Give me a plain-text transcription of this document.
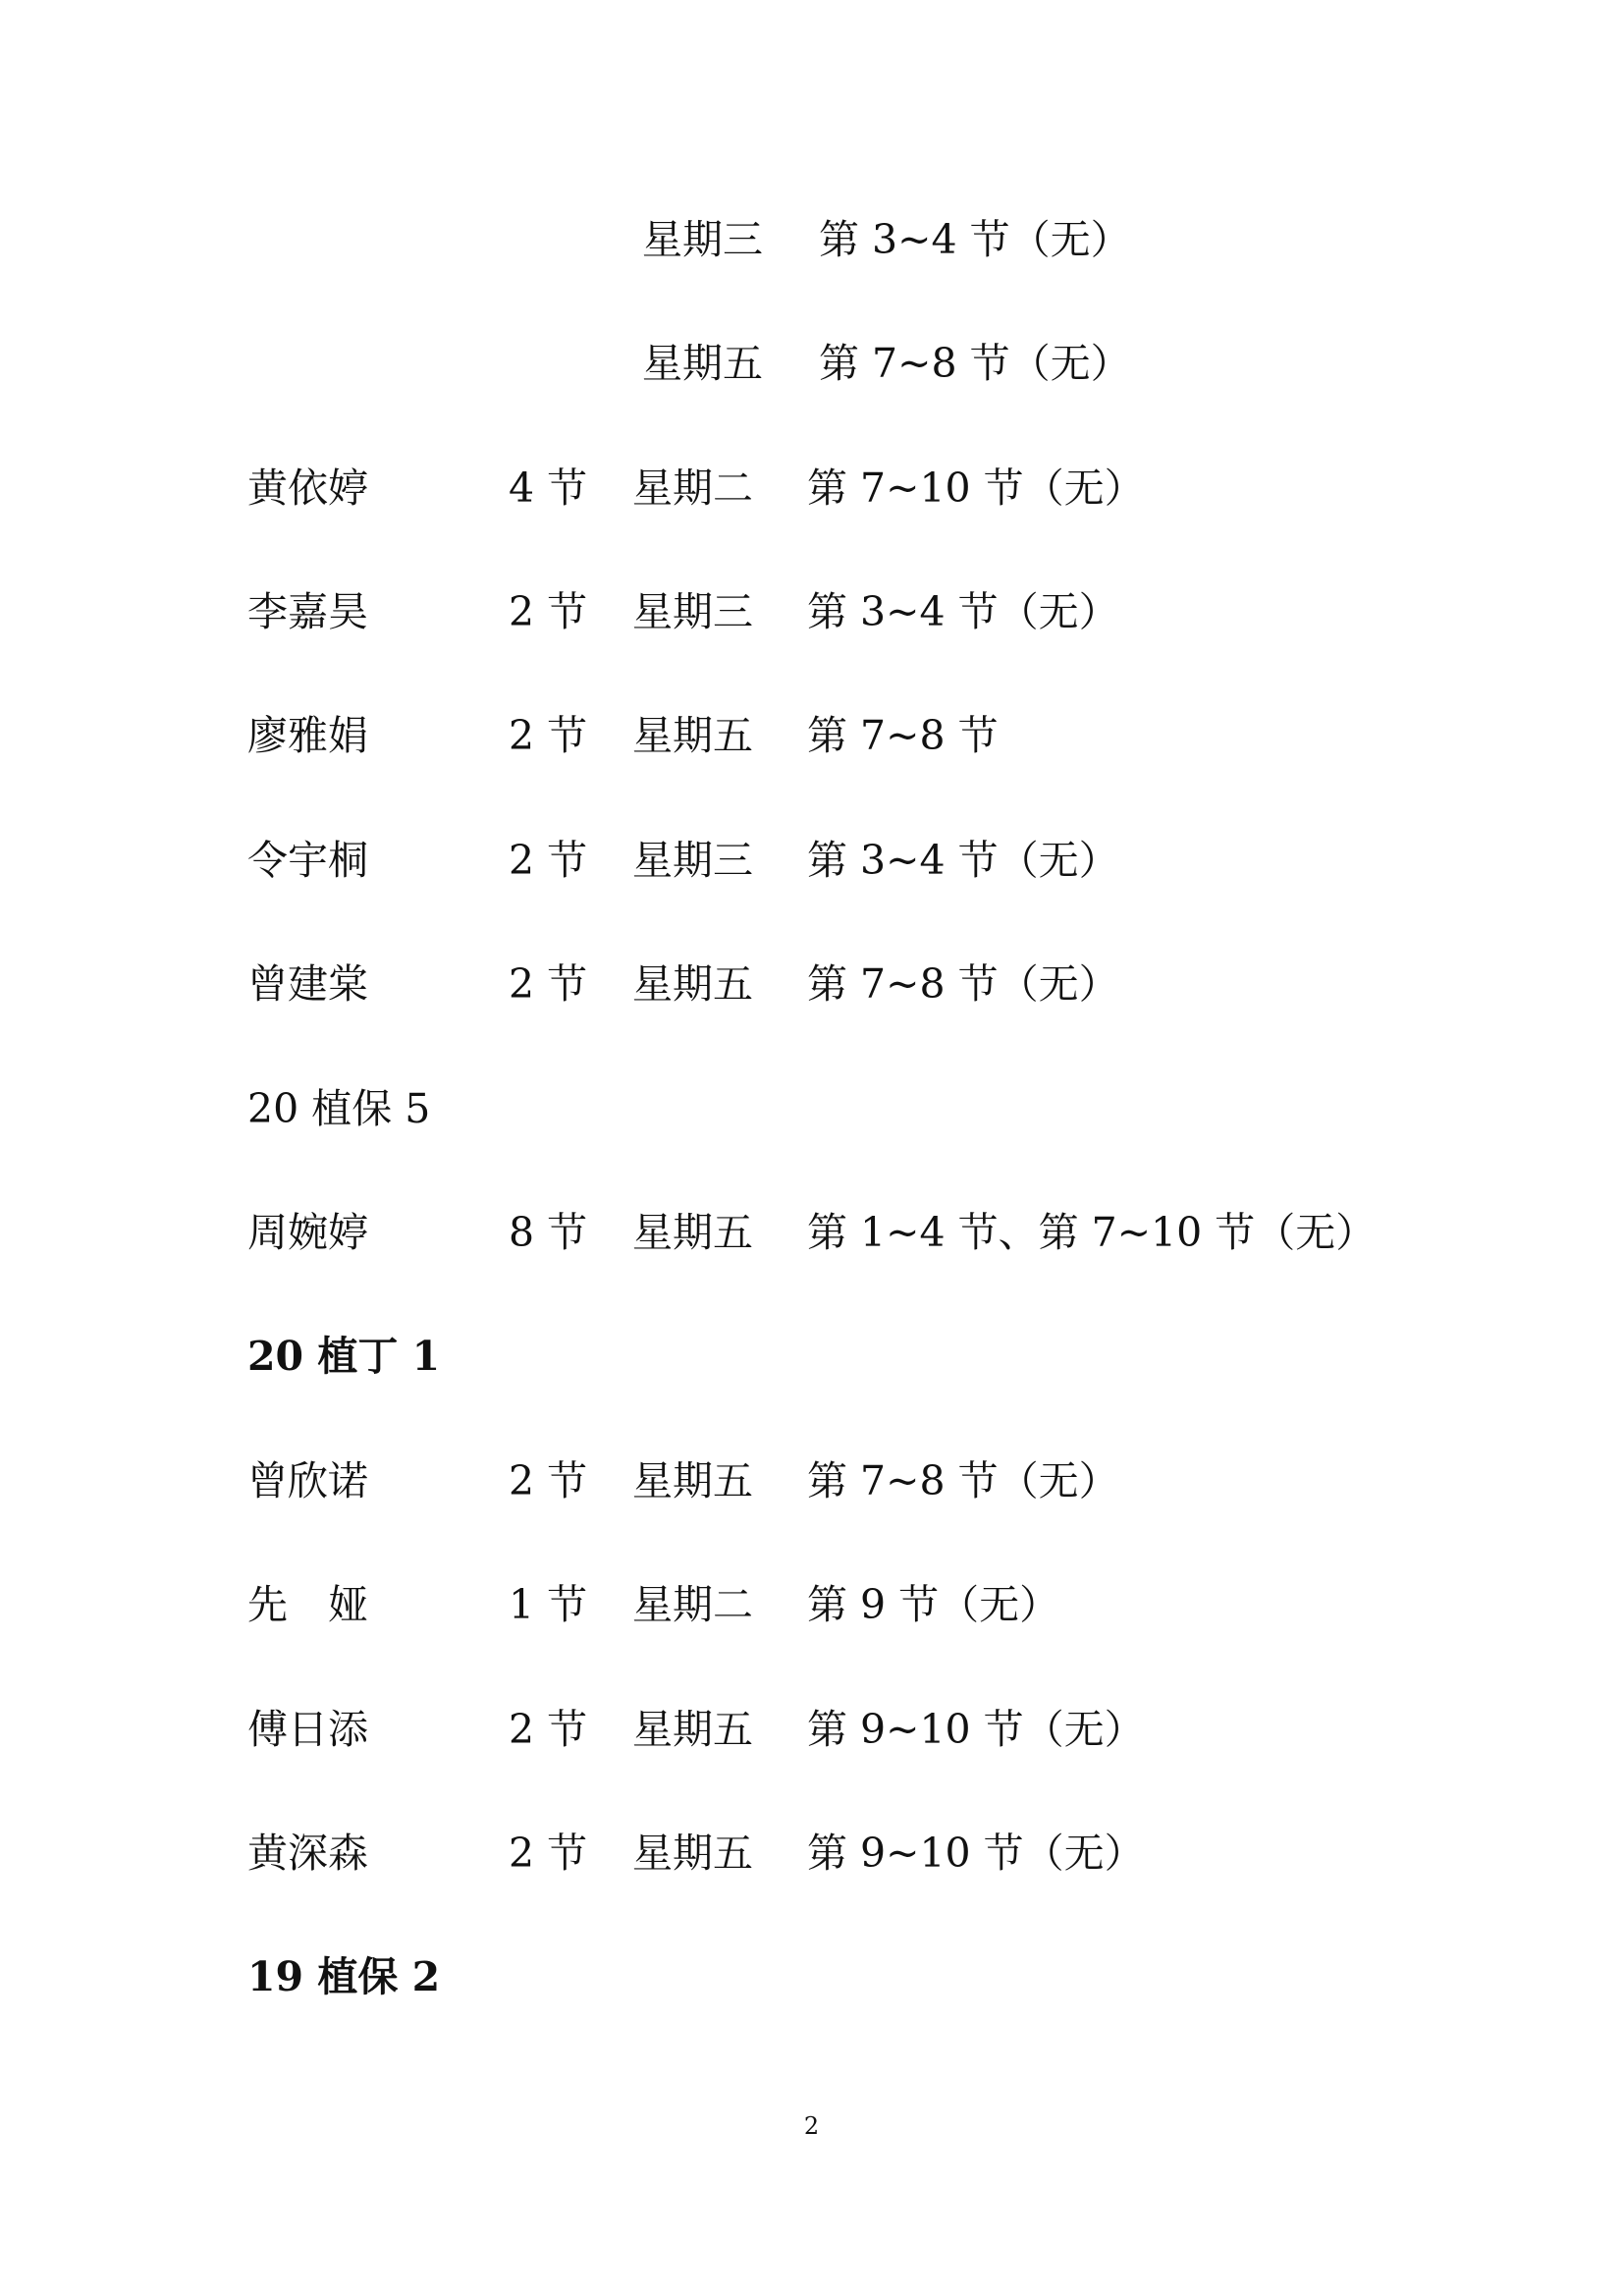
星期三 第 3~4 节（无）
星期五 第 7~8 节（无）
黄依婷	4 节 星期二 第 7~10 节（无）
李嘉昊	2 节 星期三 第 3~4 节（无）
廖雅娟	2 节 星期五 第 7~8 节
令宇桐	2 节 星期三 第 3~4 节（无）
曾建棠	2 节 星期五 第 7~8 节（无）
20 植保 5
周婉婷	8 节 星期五 第 1~4 节、第 7~10 节（无）
20 植丁 1
曾欣诺	2 节 星期五 第 7~8 节（无）
先　娅	1 节 星期二 第 9 节（无）
傅日添	2 节 星期五 第 9~10 节（无）
黄深森	2 节 星期五 第 9~10 节（无）
19 植保 2
2
